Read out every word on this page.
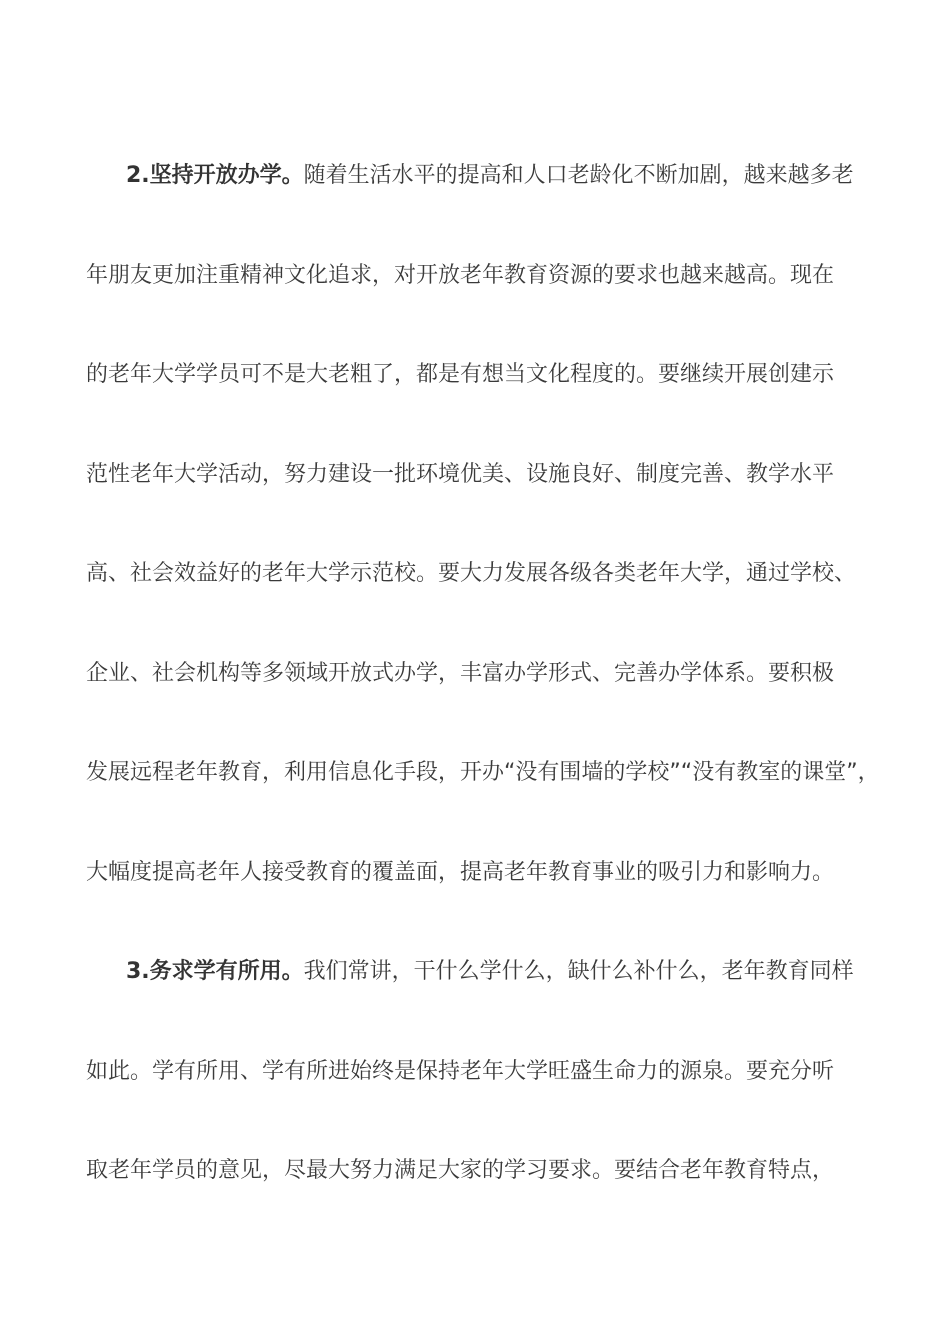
2.坚持开放办学。随着生活水平的提高和人口老龄化不断加剧，越来越多老
年朋友更加注重精神文化追求，对开放老年教育资源的要求也越来越高。现在
的老年大学学员可不是大老粗了，都是有想当文化程度的。要继续开展创建示
范性老年大学活动，努力建设一批环境优美、设施良好、制度完善、教学水平
高、社会效益好的老年大学示范校。要大力发展各级各类老年大学，通过学校、
企业、社会机构等多领域开放式办学，丰富办学形式、完善办学体系。要积极
发展远程老年教育，利用信息化手段，开办“没有围墙的学校”“没有教室的课堂”，
大幅度提高老年人接受教育的覆盖面，提高老年教育事业的吸引力和影响力。
3.务求学有所用。我们常讲，干什么学什么，缺什么补什么，老年教育同样
如此。学有所用、学有所进始终是保持老年大学旺盛生命力的源泉。要充分听
取老年学员的意见，尽最大努力满足大家的学习要求。要结合老年教育特点，
